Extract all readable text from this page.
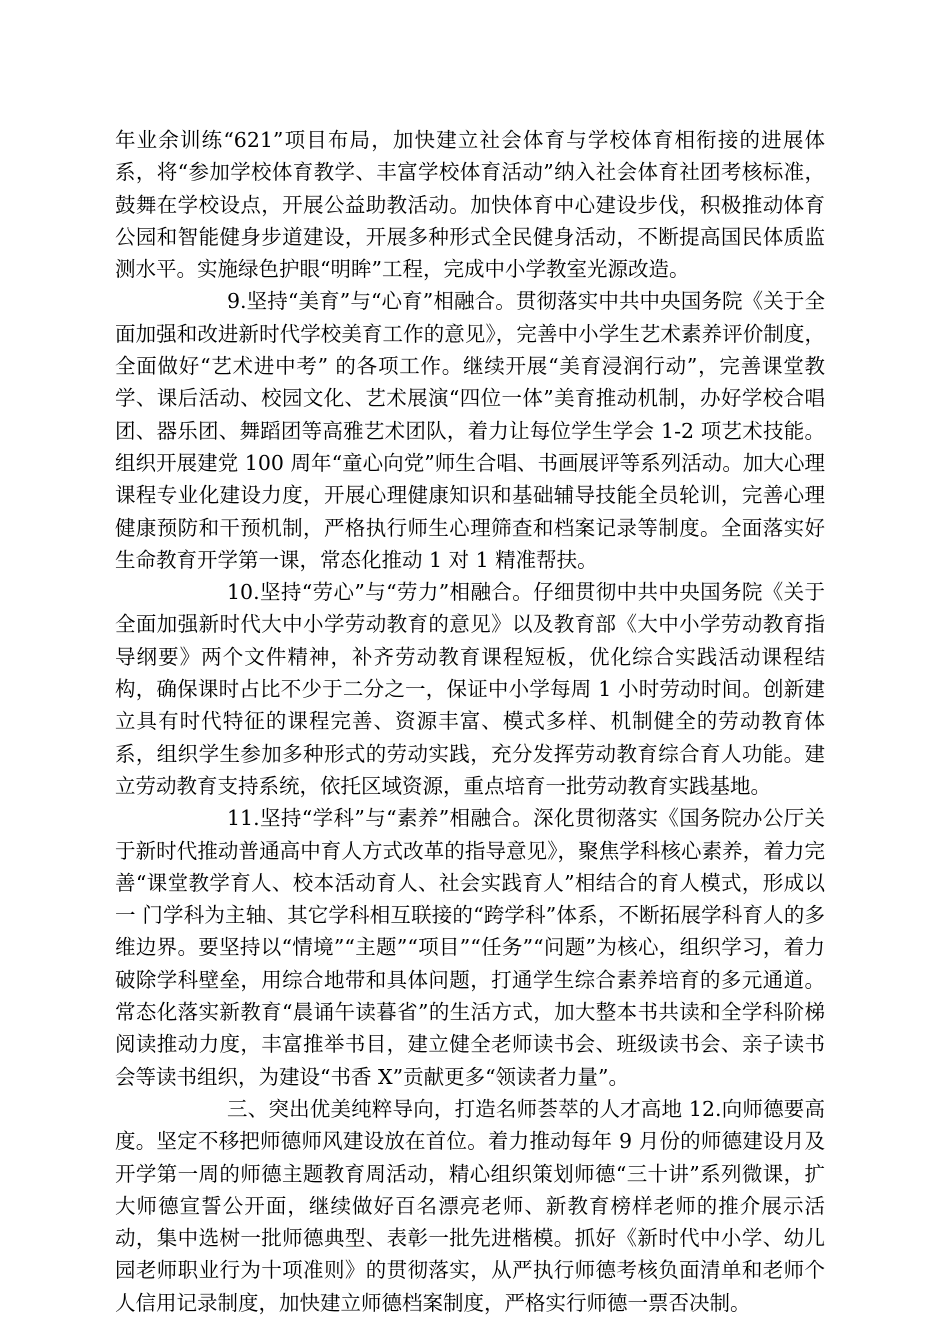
年业余训练“621”项目布局，加快建立社会体育与学校体育相衔接的进展体系，将“参加学校体育教学、丰富学校体育活动”纳入社会体育社团考核标准，鼓舞在学校设点，开展公益助教活动。加快体育中心建设步伐，积极推动体育公园和智能健身步道建设，开展多种形式全民健身活动，不断提高国民体质监测水平。实施绿色护眼“明眸”工程，完成中小学教室光源改造。

9.坚持“美育”与“心育”相融合。贯彻落实中共中央国务院《关于全面加强和改进新时代学校美育工作的意见》，完善中小学生艺术素养评价制度，全面做好“艺术进中考” 的各项工作。继续开展“美育浸润行动”，完善课堂教学、课后活动、校园文化、艺术展演“四位一体”美育推动机制，办好学校合唱团、器乐团、舞蹈团等高雅艺术团队，着力让每位学生学会 1-2 项艺术技能。组织开展建党 100 周年“童心向党”师生合唱、书画展评等系列活动。加大心理课程专业化建设力度，开展心理健康知识和基础辅导技能全员轮训，完善心理健康预防和干预机制，严格执行师生心理筛查和档案记录等制度。全面落实好生命教育开学第一课，常态化推动 1 对 1 精准帮扶。

10.坚持“劳心”与“劳力”相融合。仔细贯彻中共中央国务院《关于全面加强新时代大中小学劳动教育的意见》以及教育部《大中小学劳动教育指导纲要》两个文件精神，补齐劳动教育课程短板，优化综合实践活动课程结构，确保课时占比不少于二分之一，保证中小学每周 1 小时劳动时间。创新建立具有时代特征的课程完善、资源丰富、模式多样、机制健全的劳动教育体系，组织学生参加多种形式的劳动实践，充分发挥劳动教育综合育人功能。建立劳动教育支持系统，依托区域资源，重点培育一批劳动教育实践基地。

11.坚持“学科”与“素养”相融合。深化贯彻落实《国务院办公厅关于新时代推动普通高中育人方式改革的指导意见》，聚焦学科核心素养，着力完善“课堂教学育人、校本活动育人、社会实践育人”相结合的育人模式，形成以一 门学科为主轴、其它学科相互联接的“跨学科”体系，不断拓展学科育人的多维边界。要坚持以“情境”“主题”“项目”“任务”“问题”为核心，组织学习，着力破除学科壁垒，用综合地带和具体问题，打通学生综合素养培育的多元通道。常态化落实新教育“晨诵午读暮省”的生活方式，加大整本书共读和全学科阶梯阅读推动力度，丰富推举书目，建立健全老师读书会、班级读书会、亲子读书会等读书组织，为建设“书香 X”贡献更多“领读者力量”。

三、突出优美纯粹导向，打造名师荟萃的人才高地 12.向师德要高度。坚定不移把师德师风建设放在首位。着力推动每年 9 月份的师德建设月及开学第一周的师德主题教育周活动，精心组织策划师德“三十讲”系列微课，扩大师德宣誓公开面，继续做好百名漂亮老师、新教育榜样老师的推介展示活动，集中选树一批师德典型、表彰一批先进楷模。抓好《新时代中小学、幼儿园老师职业行为十项准则》的贯彻落实，从严执行师德考核负面清单和老师个人信用记录制度，加快建立师德档案制度，严格实行师德一票否决制。
